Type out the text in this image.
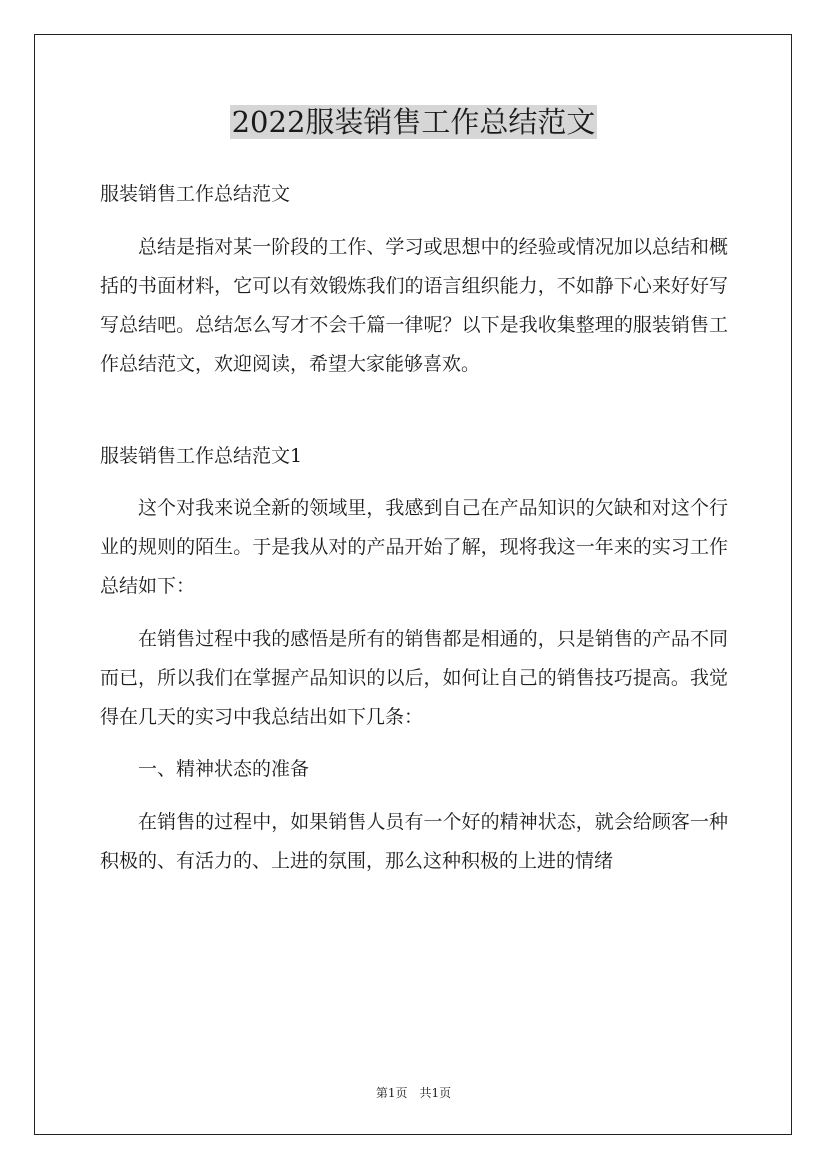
2022服装销售工作总结范文

服装销售工作总结范文

总结是指对某一阶段的工作、学习或思想中的经验或情况加以总结和概括的书面材料，它可以有效锻炼我们的语言组织能力，不如静下心来好好写写总结吧。总结怎么写才不会千篇一律呢？以下是我收集整理的服装销售工作总结范文，欢迎阅读，希望大家能够喜欢。

服装销售工作总结范文1

这个对我来说全新的领域里，我感到自己在产品知识的欠缺和对这个行业的规则的陌生。于是我从对的产品开始了解，现将我这一年来的实习工作总结如下：

在销售过程中我的感悟是所有的销售都是相通的，只是销售的产品不同而已，所以我们在掌握产品知识的以后，如何让自己的销售技巧提高。我觉得在几天的实习中我总结出如下几条：

一、精神状态的准备

在销售的过程中，如果销售人员有一个好的精神状态，就会给顾客一种积极的、有活力的、上进的氛围，那么这种积极的上进的情绪

第1页　共1页
